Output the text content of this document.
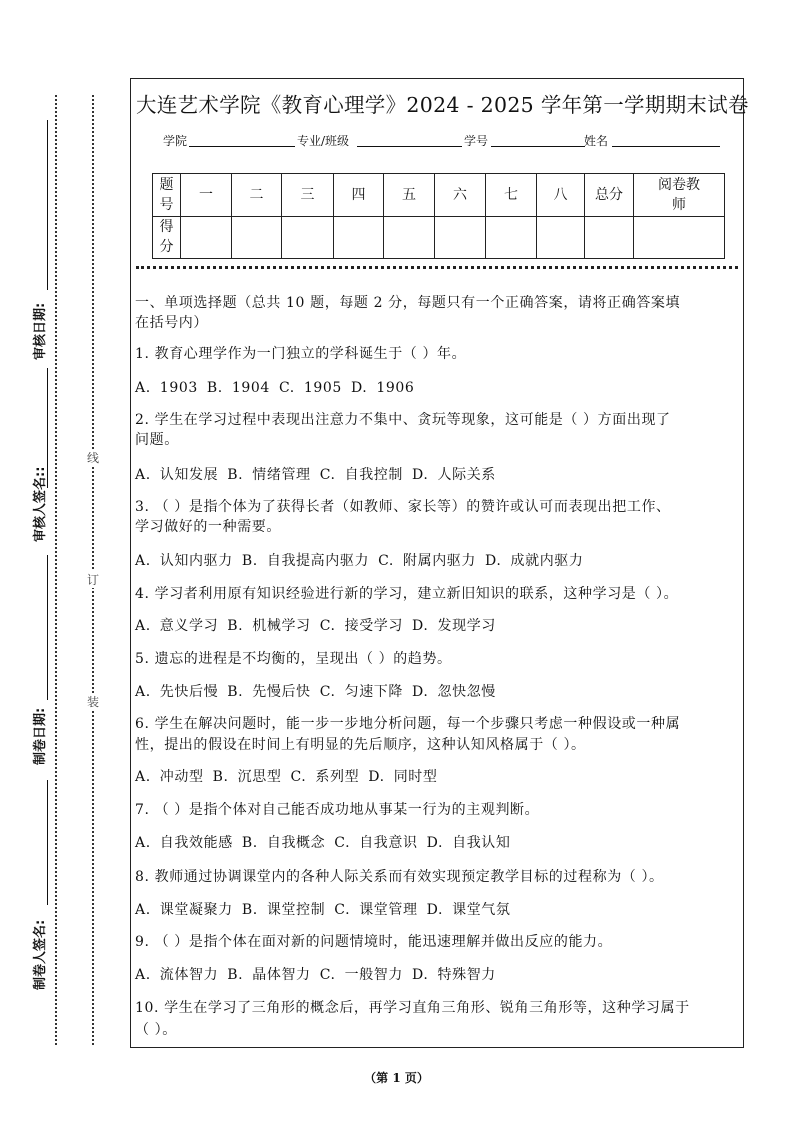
装
订
线
制卷人签名:
制卷日期:
审核人签名::
审核日期:
大连艺术学院《教育心理学》2024 - 2025 学年第一学期期末试卷
学院	专业/班级	学号	姓名
题号	一	二	三	四	五	六	七	八	总分	阅卷教师
得分										
一、单项选择题（总共 10 题，每题 2 分，每题只有一个正确答案，请将正确答案填
在括号内）
1. 教育心理学作为一门独立的学科诞生于（ ）年。
A. 1903 B. 1904 C. 1905 D. 1906
2. 学生在学习过程中表现出注意力不集中、贪玩等现象，这可能是（ ）方面出现了
问题。
A. 认知发展 B. 情绪管理 C. 自我控制 D. 人际关系
3. （ ）是指个体为了获得长者（如教师、家长等）的赞许或认可而表现出把工作、
学习做好的一种需要。
A. 认知内驱力 B. 自我提高内驱力 C. 附属内驱力 D. 成就内驱力
4. 学习者利用原有知识经验进行新的学习，建立新旧知识的联系，这种学习是（ ）。
A. 意义学习 B. 机械学习 C. 接受学习 D. 发现学习
5. 遗忘的进程是不均衡的，呈现出（ ）的趋势。
A. 先快后慢 B. 先慢后快 C. 匀速下降 D. 忽快忽慢
6. 学生在解决问题时，能一步一步地分析问题，每一个步骤只考虑一种假设或一种属
性，提出的假设在时间上有明显的先后顺序，这种认知风格属于（ ）。
A. 冲动型 B. 沉思型 C. 系列型 D. 同时型
7. （ ）是指个体对自己能否成功地从事某一行为的主观判断。
A. 自我效能感 B. 自我概念 C. 自我意识 D. 自我认知
8. 教师通过协调课堂内的各种人际关系而有效实现预定教学目标的过程称为（ ）。
A. 课堂凝聚力 B. 课堂控制 C. 课堂管理 D. 课堂气氛
9. （ ）是指个体在面对新的问题情境时，能迅速理解并做出反应的能力。
A. 流体智力 B. 晶体智力 C. 一般智力 D. 特殊智力
10. 学生在学习了三角形的概念后，再学习直角三角形、锐角三角形等，这种学习属于
（ ）。
（第 1 页）
